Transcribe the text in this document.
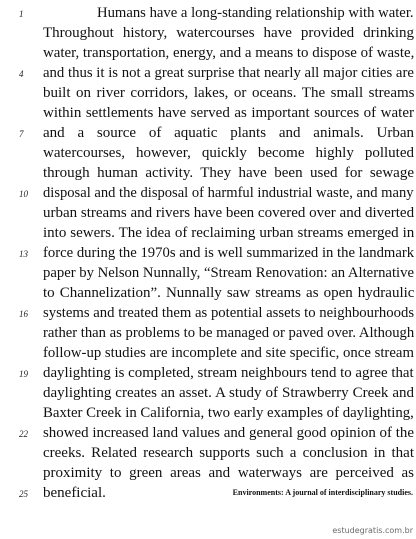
1	Humans have a long-standing relationship with water.
Throughout history, watercourses have provided drinking
water, transportation, energy, and a means to dispose of waste,
4	and thus it is not a great surprise that nearly all major cities are
built on river corridors, lakes, or oceans. The small streams
within settlements have served as important sources of water
7	and a source of aquatic plants and animals. Urban
watercourses, however, quickly become highly polluted
through human activity. They have been used for sewage
10	disposal and the disposal of harmful industrial waste, and many
urban streams and rivers have been covered over and diverted
into sewers. The idea of reclaiming urban streams emerged in
13	force during the 1970s and is well summarized in the landmark
paper by Nelson Nunnally, “Stream Renovation: an Alternative
to Channelization”. Nunnally saw streams as open hydraulic
16	systems and treated them as potential assets to neighbourhoods
rather than as problems to be managed or paved over. Although
follow-up studies are incomplete and site specific, once stream
19	daylighting is completed, stream neighbours tend to agree that
daylighting creates an asset. A study of Strawberry Creek and
Baxter Creek in California, two early examples of daylighting,
22	showed increased land values and general good opinion of the
creeks. Related research supports such a conclusion in that
proximity to green areas and waterways are perceived as
25	beneficial.	Environments: A journal of interdisciplinary studies.
estudegratis.com.br
